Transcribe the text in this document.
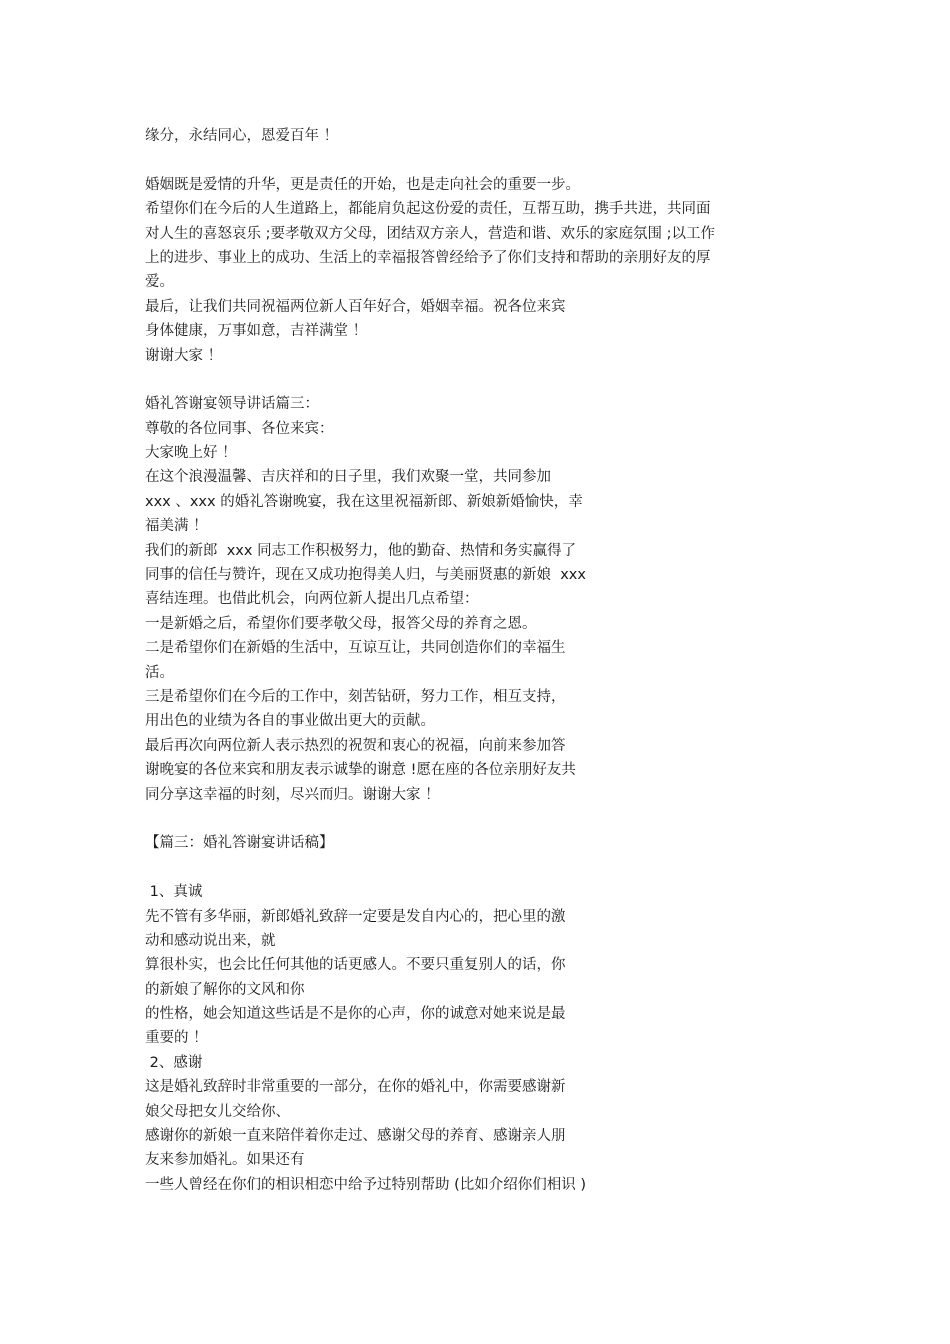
缘分，永结同心，恩爱百年 ！
婚姻既是爱情的升华，更是责任的开始，也是走向社会的重要一步。
希望你们在今后的人生道路上，都能肩负起这份爱的责任，互帮互助，携手共进，共同面
对人生的喜怒哀乐 ;要孝敬双方父母，团结双方亲人，营造和谐、欢乐的家庭氛围 ;以工作
上的进步、事业上的成功、生活上的幸福报答曾经给予了你们支持和帮助的亲朋好友的厚
爱。
最后，让我们共同祝福两位新人百年好合，婚姻幸福。祝各位来宾
身体健康，万事如意，吉祥满堂 ！
谢谢大家 ！
婚礼答谢宴领导讲话篇三：
尊敬的各位同事、各位来宾：
大家晚上好 ！
在这个浪漫温馨、吉庆祥和的日子里，我们欢聚一堂，共同参加
xxx 、xxx 的婚礼答谢晚宴，我在这里祝福新郎、新娘新婚愉快，幸
福美满 ！
我们的新郎  xxx 同志工作积极努力，他的勤奋、热情和务实赢得了
同事的信任与赞许，现在又成功抱得美人归，与美丽贤惠的新娘  xxx
喜结连理。也借此机会，向两位新人提出几点希望：
一是新婚之后，希望你们要孝敬父母，报答父母的养育之恩。
二是希望你们在新婚的生活中，互谅互让，共同创造你们的幸福生
活。
三是希望你们在今后的工作中，刻苦钻研，努力工作，相互支持，
用出色的业绩为各自的事业做出更大的贡献。
最后再次向两位新人表示热烈的祝贺和衷心的祝福，向前来参加答
谢晚宴的各位来宾和朋友表示诚挚的谢意 !愿在座的各位亲朋好友共
同分享这幸福的时刻，尽兴而归。谢谢大家 ！
【篇三：婚礼答谢宴讲话稿】
1、真诚
先不管有多华丽，新郎婚礼致辞一定要是发自内心的，把心里的激
动和感动说出来，就
算很朴实，也会比任何其他的话更感人。不要只重复别人的话，你
的新娘了解你的文风和你
的性格，她会知道这些话是不是你的心声，你的诚意对她来说是最
重要的 ！
2、感谢
这是婚礼致辞时非常重要的一部分，在你的婚礼中，你需要感谢新
娘父母把女儿交给你、
感谢你的新娘一直来陪伴着你走过、感谢父母的养育、感谢亲人朋
友来参加婚礼。如果还有
一些人曾经在你们的相识相恋中给予过特别帮助 (比如介绍你们相识 )
